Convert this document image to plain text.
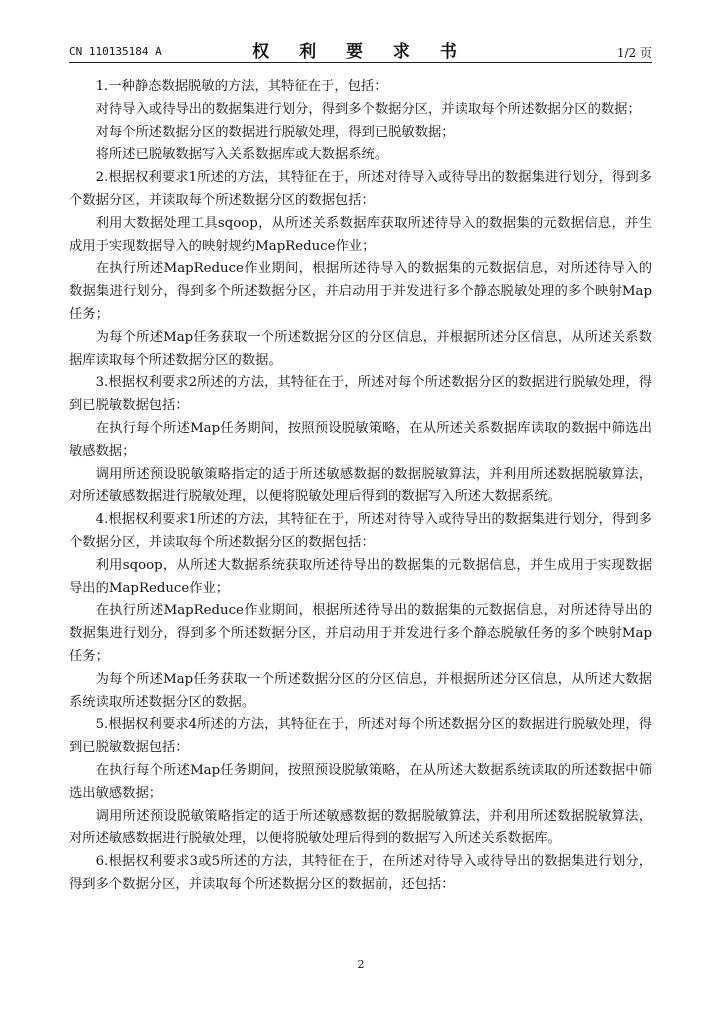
CN 110135184 A	权 利 要 求 书	1/2 页

1.一种静态数据脱敏的方法，其特征在于，包括：

对待导入或待导出的数据集进行划分，得到多个数据分区，并读取每个所述数据分区的数据；

对每个所述数据分区的数据进行脱敏处理，得到已脱敏数据；

将所述已脱敏数据写入关系数据库或大数据系统。

2.根据权利要求1所述的方法，其特征在于，所述对待导入或待导出的数据集进行划分，得到多个数据分区，并读取每个所述数据分区的数据包括：

利用大数据处理工具sqoop，从所述关系数据库获取所述待导入的数据集的元数据信息，并生成用于实现数据导入的映射规约MapReduce作业；

在执行所述MapReduce作业期间，根据所述待导入的数据集的元数据信息，对所述待导入的数据集进行划分，得到多个所述数据分区，并启动用于并发进行多个静态脱敏处理的多个映射Map任务；

为每个所述Map任务获取一个所述数据分区的分区信息，并根据所述分区信息，从所述关系数据库读取每个所述数据分区的数据。

3.根据权利要求2所述的方法，其特征在于，所述对每个所述数据分区的数据进行脱敏处理，得到已脱敏数据包括：

在执行每个所述Map任务期间，按照预设脱敏策略，在从所述关系数据库读取的数据中筛选出敏感数据；

调用所述预设脱敏策略指定的适于所述敏感数据的数据脱敏算法，并利用所述数据脱敏算法，对所述敏感数据进行脱敏处理，以便将脱敏处理后得到的数据写入所述大数据系统。

4.根据权利要求1所述的方法，其特征在于，所述对待导入或待导出的数据集进行划分，得到多个数据分区，并读取每个所述数据分区的数据包括：

利用sqoop，从所述大数据系统获取所述待导出的数据集的元数据信息，并生成用于实现数据导出的MapReduce作业；

在执行所述MapReduce作业期间，根据所述待导出的数据集的元数据信息，对所述待导出的数据集进行划分，得到多个所述数据分区，并启动用于并发进行多个静态脱敏任务的多个映射Map任务；

为每个所述Map任务获取一个所述数据分区的分区信息，并根据所述分区信息，从所述大数据系统读取所述数据分区的数据。

5.根据权利要求4所述的方法，其特征在于，所述对每个所述数据分区的数据进行脱敏处理，得到已脱敏数据包括：

在执行每个所述Map任务期间，按照预设脱敏策略，在从所述大数据系统读取的所述数据中筛选出敏感数据；

调用所述预设脱敏策略指定的适于所述敏感数据的数据脱敏算法，并利用所述数据脱敏算法，对所述敏感数据进行脱敏处理，以便将脱敏处理后得到的数据写入所述关系数据库。

6.根据权利要求3或5所述的方法，其特征在于，在所述对待导入或待导出的数据集进行划分，得到多个数据分区，并读取每个所述数据分区的数据前，还包括：

2
